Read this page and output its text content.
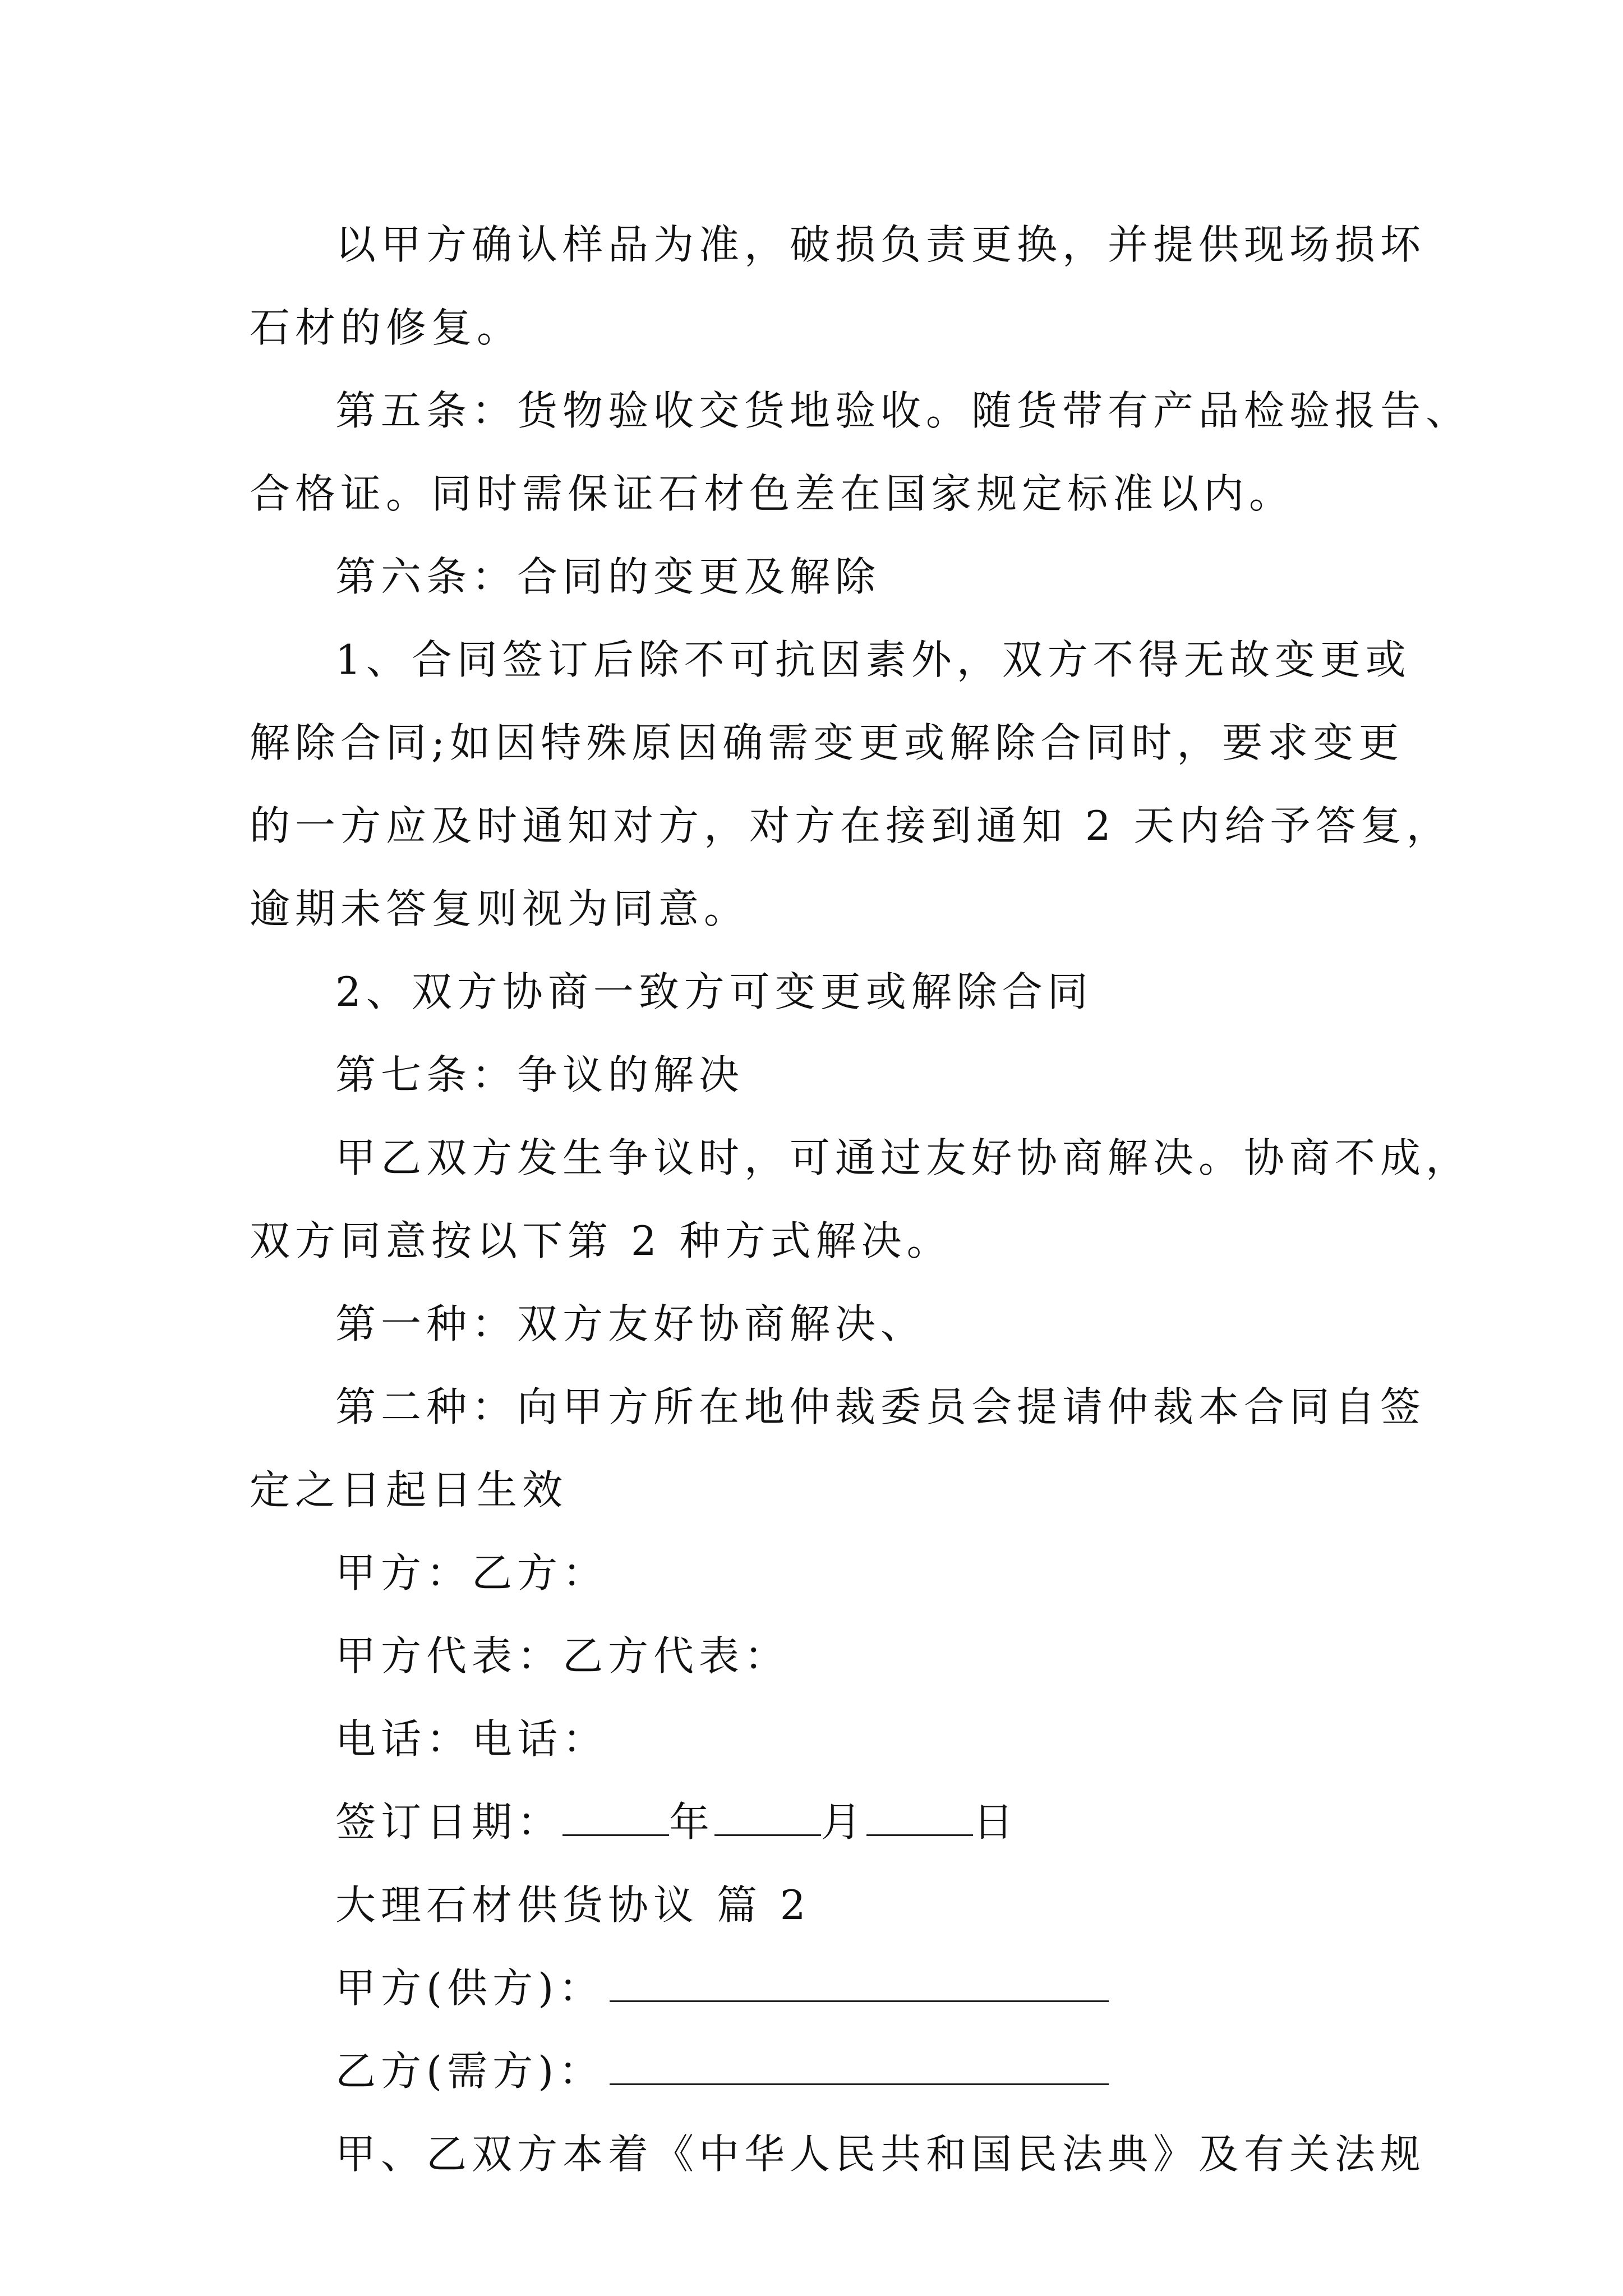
以甲方确认样品为准，破损负责更换，并提供现场损坏
石材的修复。
第五条：货物验收交货地验收。随货带有产品检验报告、
合格证。同时需保证石材色差在国家规定标准以内。
第六条：合同的变更及解除
1、合同签订后除不可抗因素外，双方不得无故变更或
解除合同;如因特殊原因确需变更或解除合同时，要求变更
的一方应及时通知对方，对方在接到通知 2 天内给予答复，
逾期未答复则视为同意。
2、双方协商一致方可变更或解除合同
第七条：争议的解决
甲乙双方发生争议时，可通过友好协商解决。协商不成，
双方同意按以下第 2 种方式解决。
第一种：双方友好协商解决、
第二种：向甲方所在地仲裁委员会提请仲裁本合同自签
定之日起日生效
甲方：乙方：
甲方代表：乙方代表：
电话：电话：
签订日期：	年	月	日
大理石材供货协议 篇 2
甲方(供方)：
乙方(需方)：
甲、乙双方本着《中华人民共和国民法典》及有关法规
